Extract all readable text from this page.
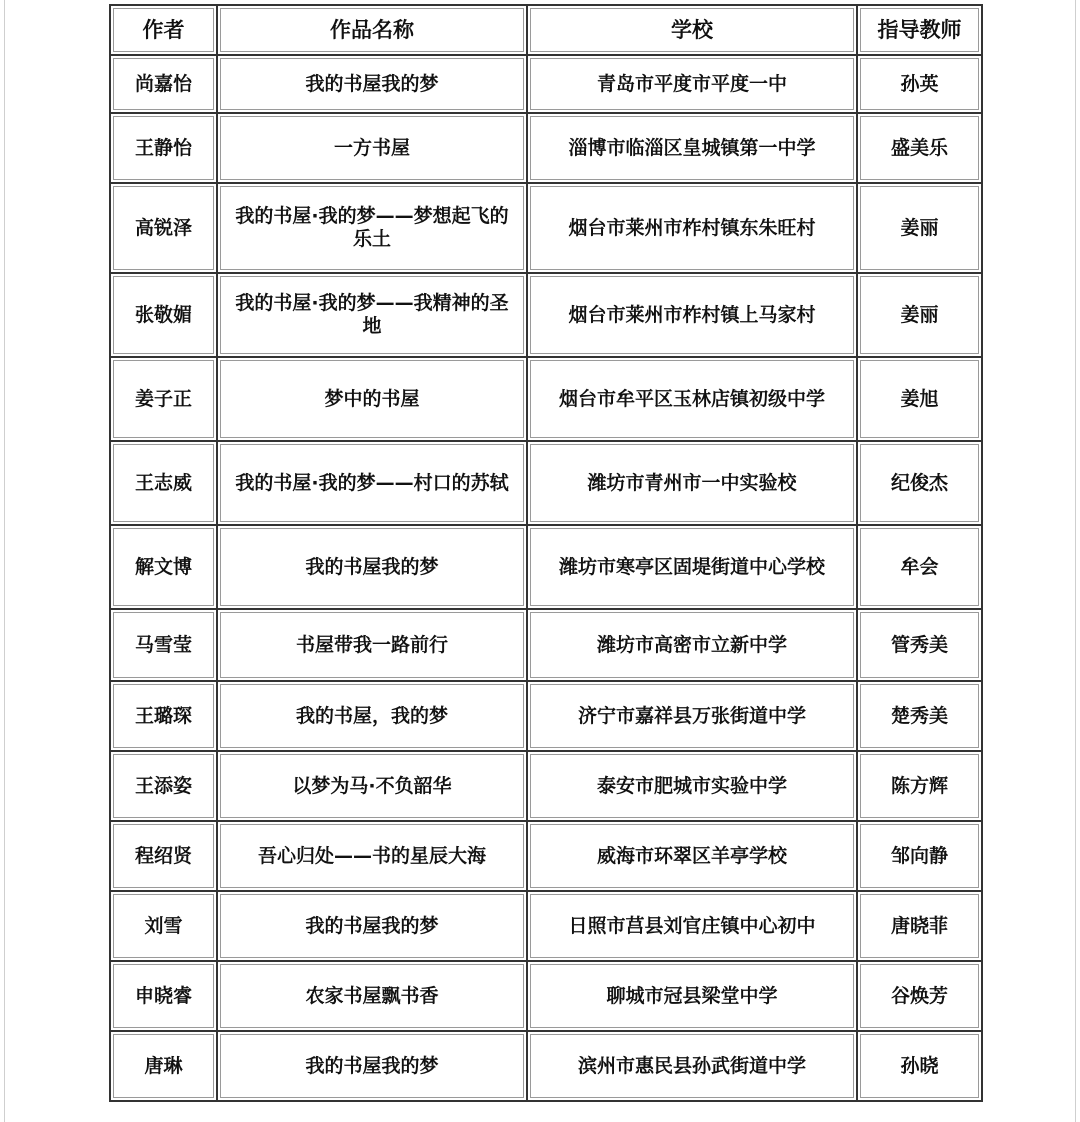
作者	作品名称	学校	指导教师
尚嘉怡	我的书屋我的梦	青岛市平度市平度一中	孙英
王静怡	一方书屋	淄博市临淄区皇城镇第一中学	盛美乐
高锐泽	我的书屋·我的梦——梦想起飞的乐土	烟台市莱州市柞村镇东朱旺村	姜丽
张敬媚	我的书屋·我的梦——我精神的圣地	烟台市莱州市柞村镇上马家村	姜丽
姜子正	梦中的书屋	烟台市牟平区玉林店镇初级中学	姜旭
王志威	我的书屋·我的梦——村口的苏轼	潍坊市青州市一中实验校	纪俊杰
解文博	我的书屋我的梦	潍坊市寒亭区固堤街道中心学校	牟会
马雪莹	书屋带我一路前行	潍坊市高密市立新中学	管秀美
王璐琛	我的书屋，我的梦	济宁市嘉祥县万张街道中学	楚秀美
王添姿	以梦为马·不负韶华	泰安市肥城市实验中学	陈方辉
程绍贤	吾心归处——书的星辰大海	威海市环翠区羊亭学校	邹向静
刘雪	我的书屋我的梦	日照市莒县刘官庄镇中心初中	唐晓菲
申晓睿	农家书屋飘书香	聊城市冠县梁堂中学	谷焕芳
唐琳	我的书屋我的梦	滨州市惠民县孙武街道中学	孙晓
